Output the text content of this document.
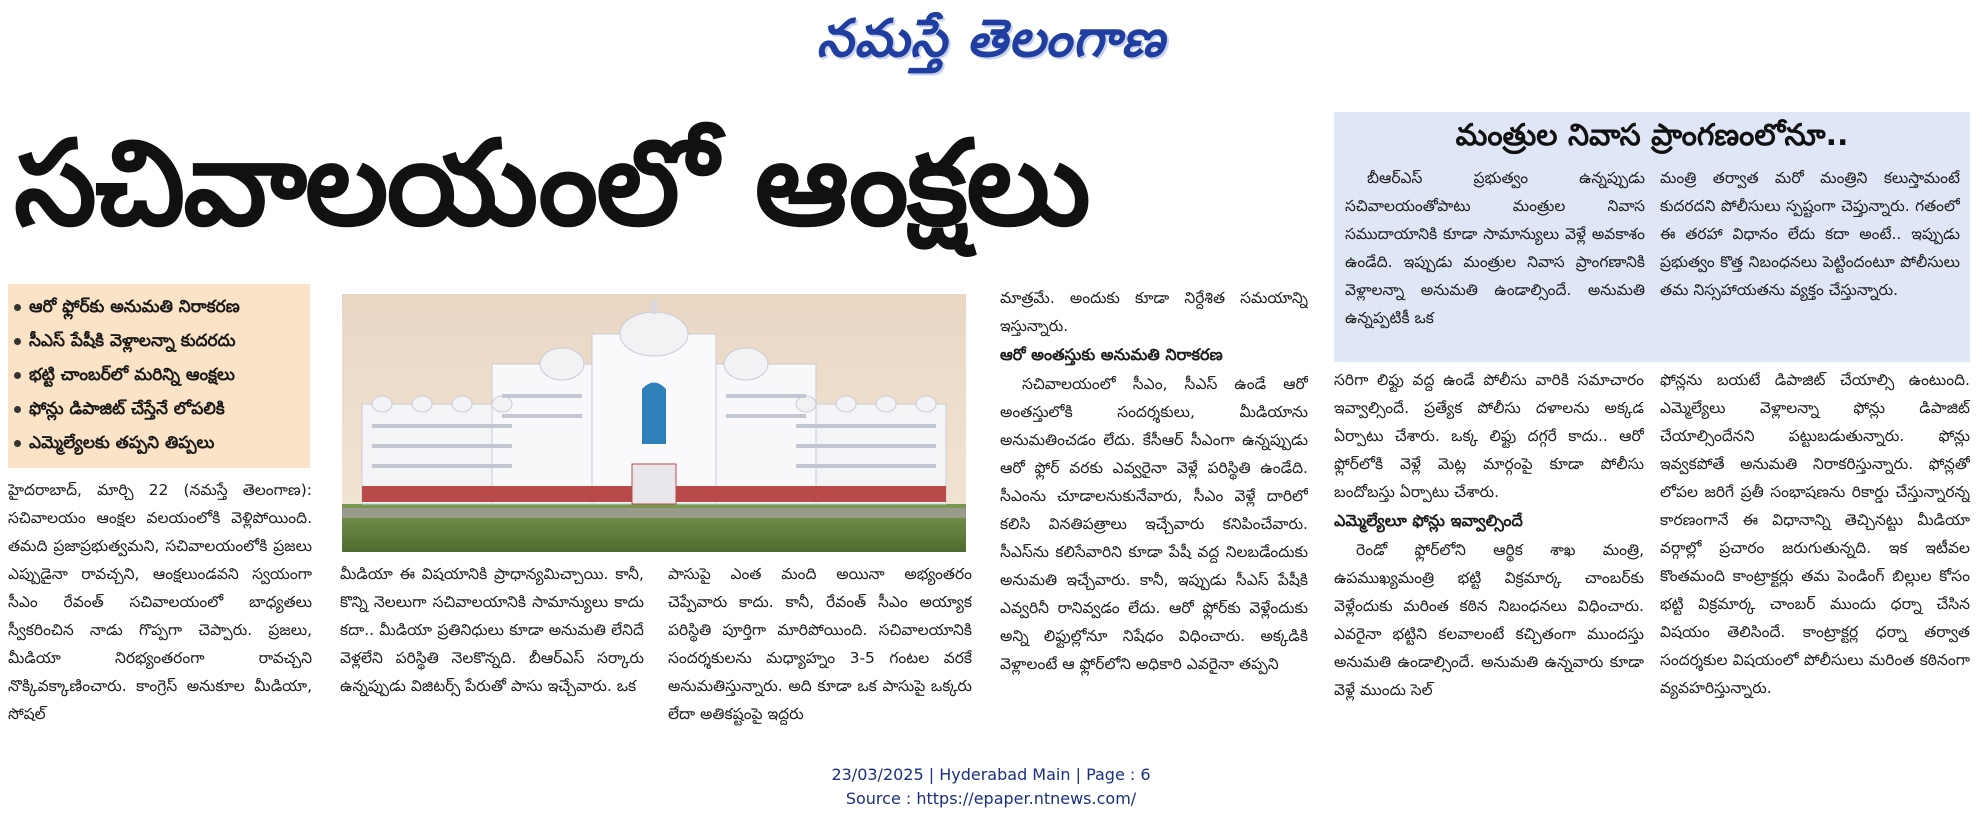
నమస్తే తెలంగాణ
సచివాలయంలో ఆంక్షలు	మంత్రుల నివాస ప్రాంగణంలోనూ..

బీఆర్‌ఎస్ ప్రభుత్వం ఉన్నప్పుడు సచివాలయంతోపాటు మంత్రుల నివాస సముదాయానికి కూడా సామాన్యులు వెళ్లే అవకాశం ఉండేది. ఇప్పుడు మంత్రుల నివాస ప్రాంగణానికి వెళ్లాలన్నా అనుమతి ఉండాల్సిందే. అనుమతి ఉన్నప్పటికీ ఒక

మంత్రి తర్వాత మరో మంత్రిని కలుస్తామంటే కుదరదని పోలీసులు స్పష్టంగా చెప్తున్నారు. గతంలో ఈ తరహా విధానం లేదు కదా అంటే.. ఇప్పుడు ప్రభుత్వం కొత్త నిబంధనలు పెట్టిందంటూ పోలీసులు తమ నిస్సహాయతను వ్యక్తం చేస్తున్నారు.

ఆరో ఫ్లోర్‌కు అనుమతి నిరాకరణ
సీఎస్ పేషీకి వెళ్లాలన్నా కుదరదు
భట్టి చాంబర్‌లో మరిన్ని ఆంక్షలు
ఫోన్లు డిపాజిట్ చేస్తేనే లోపలికి
ఎమ్మెల్యేలకు తప్పని తిప్పలు

హైదరాబాద్, మార్చి 22 (నమస్తే తెలంగాణ): సచివాలయం ఆంక్షల వలయంలోకి వెళ్లిపోయింది. తమది ప్రజాప్రభుత్వమని, సచివాలయంలోకి ప్రజలు ఎప్పుడైనా రావచ్చని, ఆంక్షలుండవని స్వయంగా సీఎం రేవంత్ సచివాలయంలో బాధ్యతలు స్వీకరించిన నాడు గొప్పగా చెప్పారు. ప్రజలు, మీడియా నిరభ్యంతరంగా రావచ్చని నొక్కివక్కాణించారు. కాంగ్రెస్ అనుకూల మీడియా, సోషల్

మీడియా ఈ విషయానికి ప్రాధాన్యమిచ్చాయి. కానీ, కొన్ని నెలలుగా సచివాలయానికి సామాన్యులు కాదు కదా.. మీడియా ప్రతినిధులు కూడా అనుమతి లేనిదే వెళ్లలేని పరిస్థితి నెలకొన్నది. బీఆర్‌ఎస్ సర్కారు ఉన్నప్పుడు విజిటర్స్ పేరుతో పాసు ఇచ్చేవారు. ఒక

పాసుపై ఎంత మంది అయినా అభ్యంతరం చెప్పేవారు కాదు. కానీ, రేవంత్ సీఎం అయ్యాక పరిస్థితి పూర్తిగా మారిపోయింది. సచివాలయానికి సందర్శకులను మధ్యాహ్నం 3-5 గంటల వరకే అనుమతిస్తున్నారు. అది కూడా ఒక పాసుపై ఒక్కరు లేదా అతికష్టంపై ఇద్దరు

మాత్రమే. అందుకు కూడా నిర్దేశిత సమయాన్ని ఇస్తున్నారు.

ఆరో అంతస్తుకు అనుమతి నిరాకరణ

సచివాలయంలో సీఎం, సీఎస్ ఉండే ఆరో అంతస్తులోకి సందర్శకులు, మీడియాను అనుమతించడం లేదు. కేసీఆర్ సీఎంగా ఉన్నప్పుడు ఆరో ఫ్లోర్ వరకు ఎవ్వరైనా వెళ్లే పరిస్థితి ఉండేది. సీఎంను చూడాలనుకునేవారు, సీఎం వెళ్లే దారిలో కలిసి వినతిపత్రాలు ఇచ్చేవారు కనిపించేవారు. సీఎస్‌ను కలిసేవారిని కూడా పేషీ వద్ద నిలబడేందుకు అనుమతి ఇచ్చేవారు. కానీ, ఇప్పుడు సీఎస్ పేషీకి ఎవ్వరినీ రానివ్వడం లేదు. ఆరో ఫ్లోర్‌కు వెళ్లేందుకు అన్ని లిఫ్టుల్లోనూ నిషేధం విధించారు. అక్కడికి వెళ్లాలంటే ఆ ఫ్లోర్‌లోని అధికారి ఎవరైనా తప్పని

సరిగా లిఫ్టు వద్ద ఉండే పోలీసు వారికి సమాచారం ఇవ్వాల్సిందే. ప్రత్యేక పోలీసు దళాలను అక్కడ ఏర్పాటు చేశారు. ఒక్క లిఫ్టు దగ్గరే కాదు.. ఆరో ఫ్లోర్‌లోకి వెళ్లే మెట్ల మార్గంపై కూడా పోలీసు బందోబస్తు ఏర్పాటు చేశారు.

ఎమ్మెల్యేలూ ఫోన్లు ఇవ్వాల్సిందే

రెండో ఫ్లోర్‌లోని ఆర్థిక శాఖ మంత్రి, ఉపముఖ్యమంత్రి భట్టి విక్రమార్క చాంబర్‌కు వెళ్లేందుకు మరింత కఠిన నిబంధనలు విధించారు. ఎవరైనా భట్టిని కలవాలంటే కచ్చితంగా ముందస్తు అనుమతి ఉండాల్సిందే. అనుమతి ఉన్నవారు కూడా వెళ్లే ముందు సెల్

ఫోన్లను బయటే డిపాజిట్ చేయాల్సి ఉంటుంది. ఎమ్మెల్యేలు వెళ్లాలన్నా ఫోన్లు డిపాజిట్ చేయాల్సిందేనని పట్టుబడుతున్నారు. ఫోన్లు ఇవ్వకపోతే అనుమతి నిరాకరిస్తున్నారు. ఫోన్లతో లోపల జరిగే ప్రతీ సంభాషణను రికార్డు చేస్తున్నారన్న కారణంగానే ఈ విధానాన్ని తెచ్చినట్టు మీడియా వర్గాల్లో ప్రచారం జరుగుతున్నది. ఇక ఇటీవల కొంతమంది కాంట్రాక్టర్లు తమ పెండింగ్ బిల్లుల కోసం భట్టి విక్రమార్క చాంబర్ ముందు ధర్నా చేసిన విషయం తెలిసిందే. కాంట్రాక్టర్ల ధర్నా తర్వాత సందర్శకుల విషయంలో పోలీసులు మరింత కఠినంగా వ్యవహరిస్తున్నారు.

23/03/2025 | Hyderabad Main | Page : 6
Source : https://epaper.ntnews.com/
